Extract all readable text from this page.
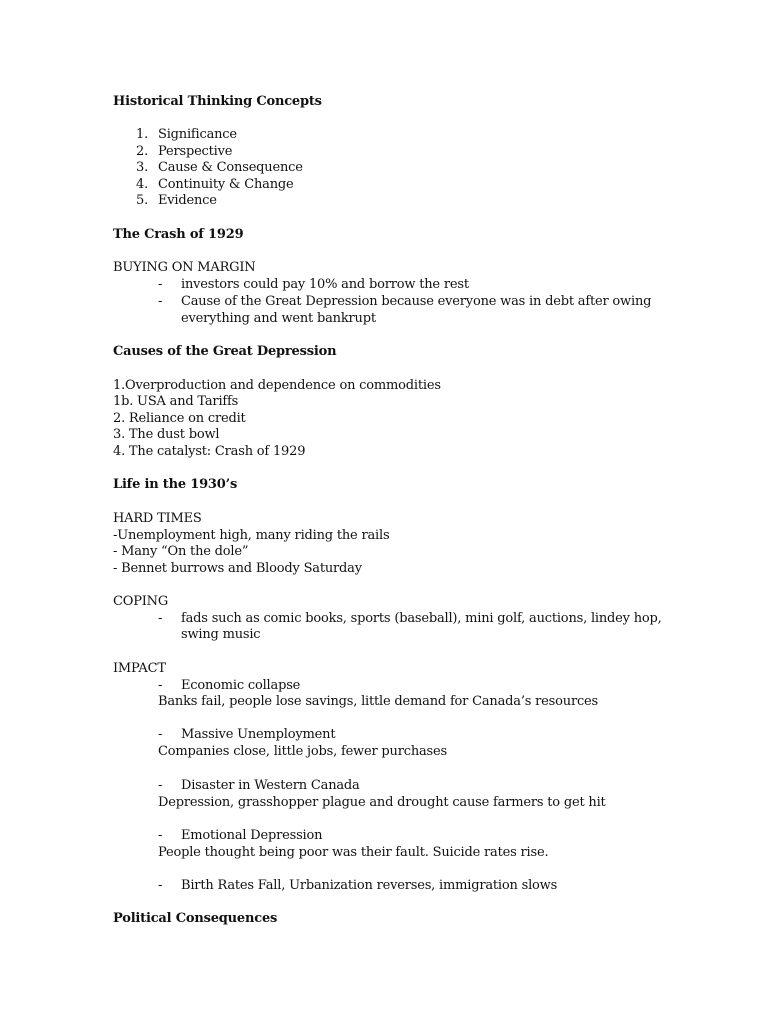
Historical Thinking Concepts
1. Significance
2. Perspective
3. Cause & Consequence
4. Continuity & Change
5. Evidence
The Crash of 1929
BUYING ON MARGIN
- investors could pay 10% and borrow the rest
- Cause of the Great Depression because everyone was in debt after owing
everything and went bankrupt
Causes of the Great Depression
1.Overproduction and dependence on commodities
1b. USA and Tariffs
2. Reliance on credit
3. The dust bowl
4. The catalyst: Crash of 1929
Life in the 1930’s
HARD TIMES
-Unemployment high, many riding the rails
- Many “On the dole”
- Bennet burrows and Bloody Saturday
COPING
- fads such as comic books, sports (baseball), mini golf, auctions, lindey hop,
swing music
IMPACT
- Economic collapse
Banks fail, people lose savings, little demand for Canada’s resources
- Massive Unemployment
Companies close, little jobs, fewer purchases
- Disaster in Western Canada
Depression, grasshopper plague and drought cause farmers to get hit
- Emotional Depression
People thought being poor was their fault. Suicide rates rise.
- Birth Rates Fall, Urbanization reverses, immigration slows
Political Consequences
